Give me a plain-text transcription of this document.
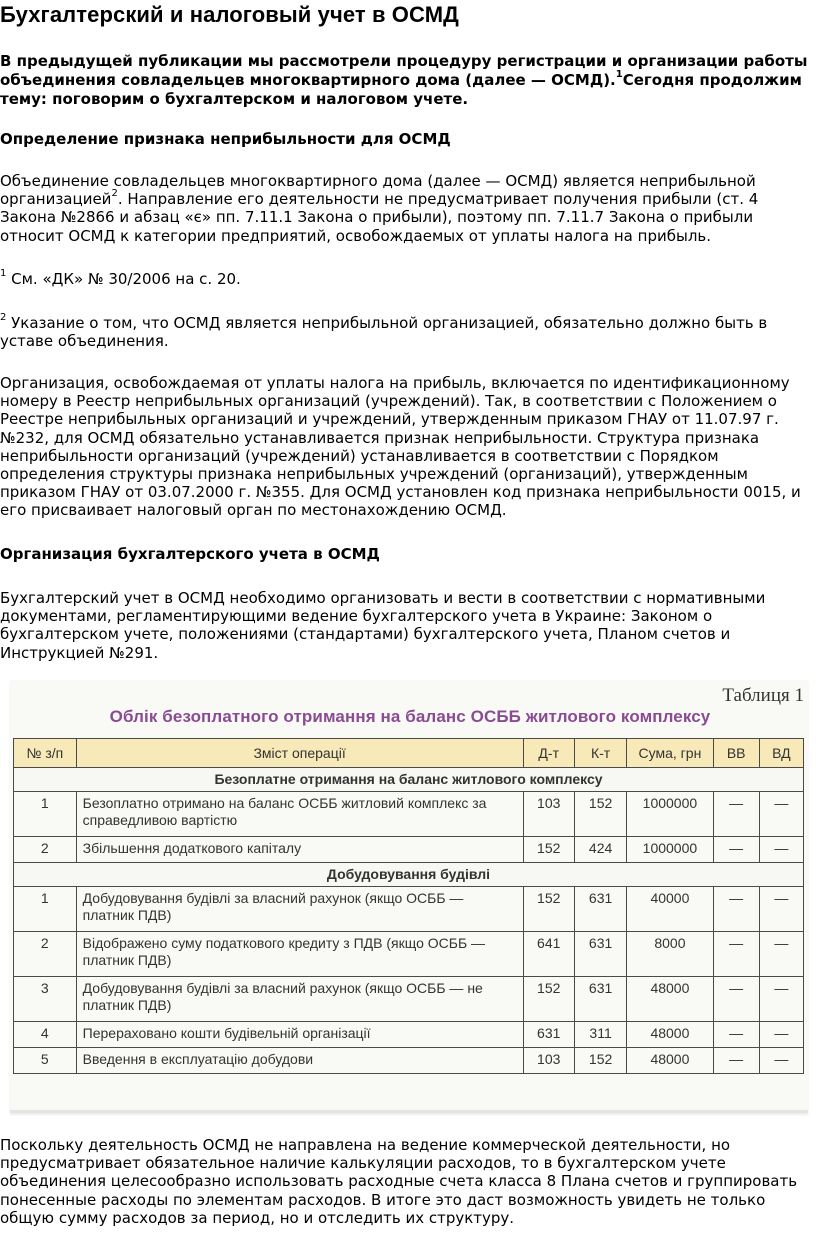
Бухгалтерский и налоговый учет в ОСМД

В предыдущей публикации мы рассмотрели процедуру регистрации и организации работы объединения совладельцев многоквартирного дома (далее — ОСМД).$^1$Сегодня продолжим тему: поговорим о бухгалтерском и налоговом учете.

Определение признака неприбыльности для ОСМД

Объединение совладельцев многоквартирного дома (далее — ОСМД) является неприбыльной организацией$^2$. Направление его деятельности не предусматривает получения прибыли (ст. 4 Закона №2866 и абзац «є» пп. 7.11.1 Закона о прибыли), поэтому пп. 7.11.7 Закона о прибыли относит ОСМД к категории предприятий, освобождаемых от уплаты налога на прибыль.

$^1$ См. «ДК» № 30/2006 на с. 20.

$^2$ Указание о том, что ОСМД является неприбыльной организацией, обязательно должно быть в уставе объединения.

Организация, освобождаемая от уплаты налога на прибыль, включается по идентификационному номеру в Реестр неприбыльных организаций (учреждений). Так, в соответствии с Положением о Реестре неприбыльных организаций и учреждений, утвержденным приказом ГНАУ от 11.07.97 г. №232, для ОСМД обязательно устанавливается признак неприбыльности. Структура признака неприбыльности организаций (учреждений) устанавливается в соответствии с Порядком определения структуры признака неприбыльных учреждений (организаций), утвержденным приказом ГНАУ от 03.07.2000 г. №355. Для ОСМД установлен код признака неприбыльности 0015, и его присваивает налоговый орган по местонахождению ОСМД.

Организация бухгалтерского учета в ОСМД

Бухгалтерский учет в ОСМД необходимо организовать и вести в соответствии с нормативными документами, регламентирующими ведение бухгалтерского учета в Украине: Законом о бухгалтерском учете, положениями (стандартами) бухгалтерского учета, Планом счетов и Инструкцией №291.

Таблиця 1
Облік безоплатного отримання на баланс ОСББ житлового комплексу
№ з/п	Зміст операції	Д-т	К-т	Сума, грн	ВВ	ВД
Безоплатне отримання на баланс житлового комплексу						
1	Безоплатно отримано на баланс ОСББ житловий комплекс за справедливою вартістю	103	152	1000000	—	—
2	Збільшення додаткового капіталу	152	424	1000000	—	—
Добудовування будівлі						
1	Добудовування будівлі за власний рахунок (якщо ОСББ — платник ПДВ)	152	631	40000	—	—
2	Відображено суму податкового кредиту з ПДВ (якщо ОСББ — платник ПДВ)	641	631	8000	—	—
3	Добудовування будівлі за власний рахунок (якщо ОСББ — не платник ПДВ)	152	631	48000	—	—
4	Перераховано кошти будівельній організації	631	311	48000	—	—
5	Введення в експлуатацію добудови	103	152	48000	—	—

Поскольку деятельность ОСМД не направлена на ведение коммерческой деятельности, но предусматривает обязательное наличие калькуляции расходов, то в бухгалтерском учете объединения целесообразно использовать расходные счета класса 8 Плана счетов и группировать понесенные расходы по элементам расходов. В итоге это даст возможность увидеть не только общую сумму расходов за период, но и отследить их структуру.
